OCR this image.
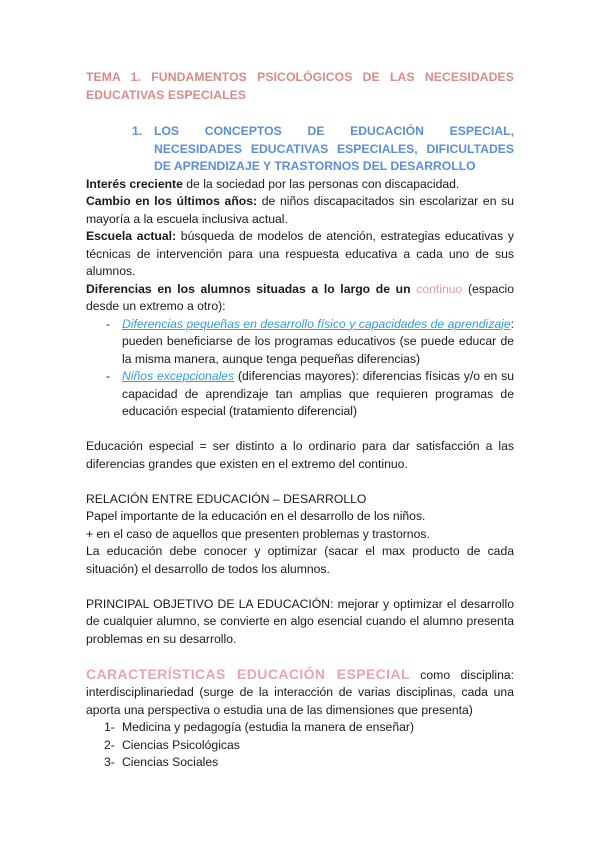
TEMA 1. FUNDAMENTOS PSICOLÓGICOS DE LAS NECESIDADES EDUCATIVAS ESPECIALES
1. LOS CONCEPTOS DE EDUCACIÓN ESPECIAL, NECESIDADES EDUCATIVAS ESPECIALES, DIFICULTADES DE APRENDIZAJE Y TRASTORNOS DEL DESARROLLO

Interés creciente de la sociedad por las personas con discapacidad.

Cambio en los últimos años: de niños discapacitados sin escolarizar en su mayoría a la escuela inclusiva actual.

Escuela actual: búsqueda de modelos de atención, estrategias educativas y técnicas de intervención para una respuesta educativa a cada uno de sus alumnos.

Diferencias en los alumnos situadas a lo largo de un continuo (espacio desde un extremo a otro):

- Diferencias pequeñas en desarrollo físico y capacidades de aprendizaje: pueden beneficiarse de los programas educativos (se puede educar de la misma manera, aunque tenga pequeñas diferencias)
- Niños excepcionales (diferencias mayores): diferencias físicas y/o en su capacidad de aprendizaje tan amplias que requieren programas de educación especial (tratamiento diferencial)

Educación especial = ser distinto a lo ordinario para dar satisfacción a las diferencias grandes que existen en el extremo del continuo.

RELACIÓN ENTRE EDUCACIÓN – DESARROLLO

Papel importante de la educación en el desarrollo de los niños.

+ en el caso de aquellos que presenten problemas y trastornos.

La educación debe conocer y optimizar (sacar el max producto de cada situación) el desarrollo de todos los alumnos.

PRINCIPAL OBJETIVO DE LA EDUCACIÓN: mejorar y optimizar el desarrollo de cualquier alumno, se convierte en algo esencial cuando el alumno presenta problemas en su desarrollo.

CARACTERÍSTICAS EDUCACIÓN ESPECIAL como disciplina: interdisciplinariedad (surge de la interacción de varias disciplinas, cada una aporta una perspectiva o estudia una de las dimensiones que presenta)

1- Medicina y pedagogía (estudia la manera de enseñar)
2- Ciencias Psicológicas
3- Ciencias Sociales
